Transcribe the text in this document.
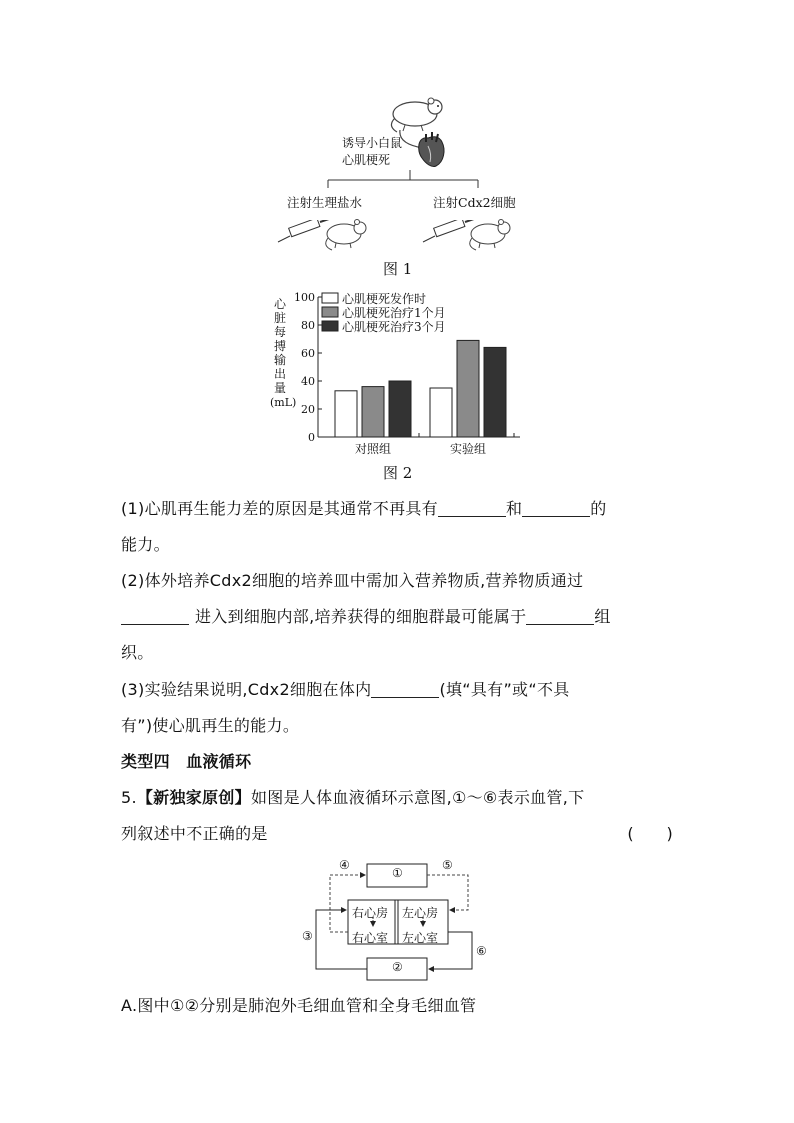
诱导小白鼠
心肌梗死
注射生理盐水	注射Cdx2细胞
图 1
心
脏
每
搏
输
出
量
(mL)
0
20
40
60
80
100
对照组	实验组
心肌梗死发作时
心肌梗死治疗1个月
心肌梗死治疗3个月
图 2
(1)心肌再生能力差的原因是其通常不再具有	和	的
能力。
(2)体外培养Cdx2细胞的培养皿中需加入营养物质,营养物质通过
进入到细胞内部,培养获得的细胞群最可能属于	组
织。
(3)实验结果说明,Cdx2细胞在体内	(填“具有”或“不具
有”)使心肌再生的能力。
类型四　血液循环
5.【新独家原创】如图是人体血液循环示意图,①～⑥表示血管,下
列叙述中不正确的是	(　　)
①
②
右心房
右心室
左心房
左心室
④	⑤
③
⑥
A.图中①②分别是肺泡外毛细血管和全身毛细血管
